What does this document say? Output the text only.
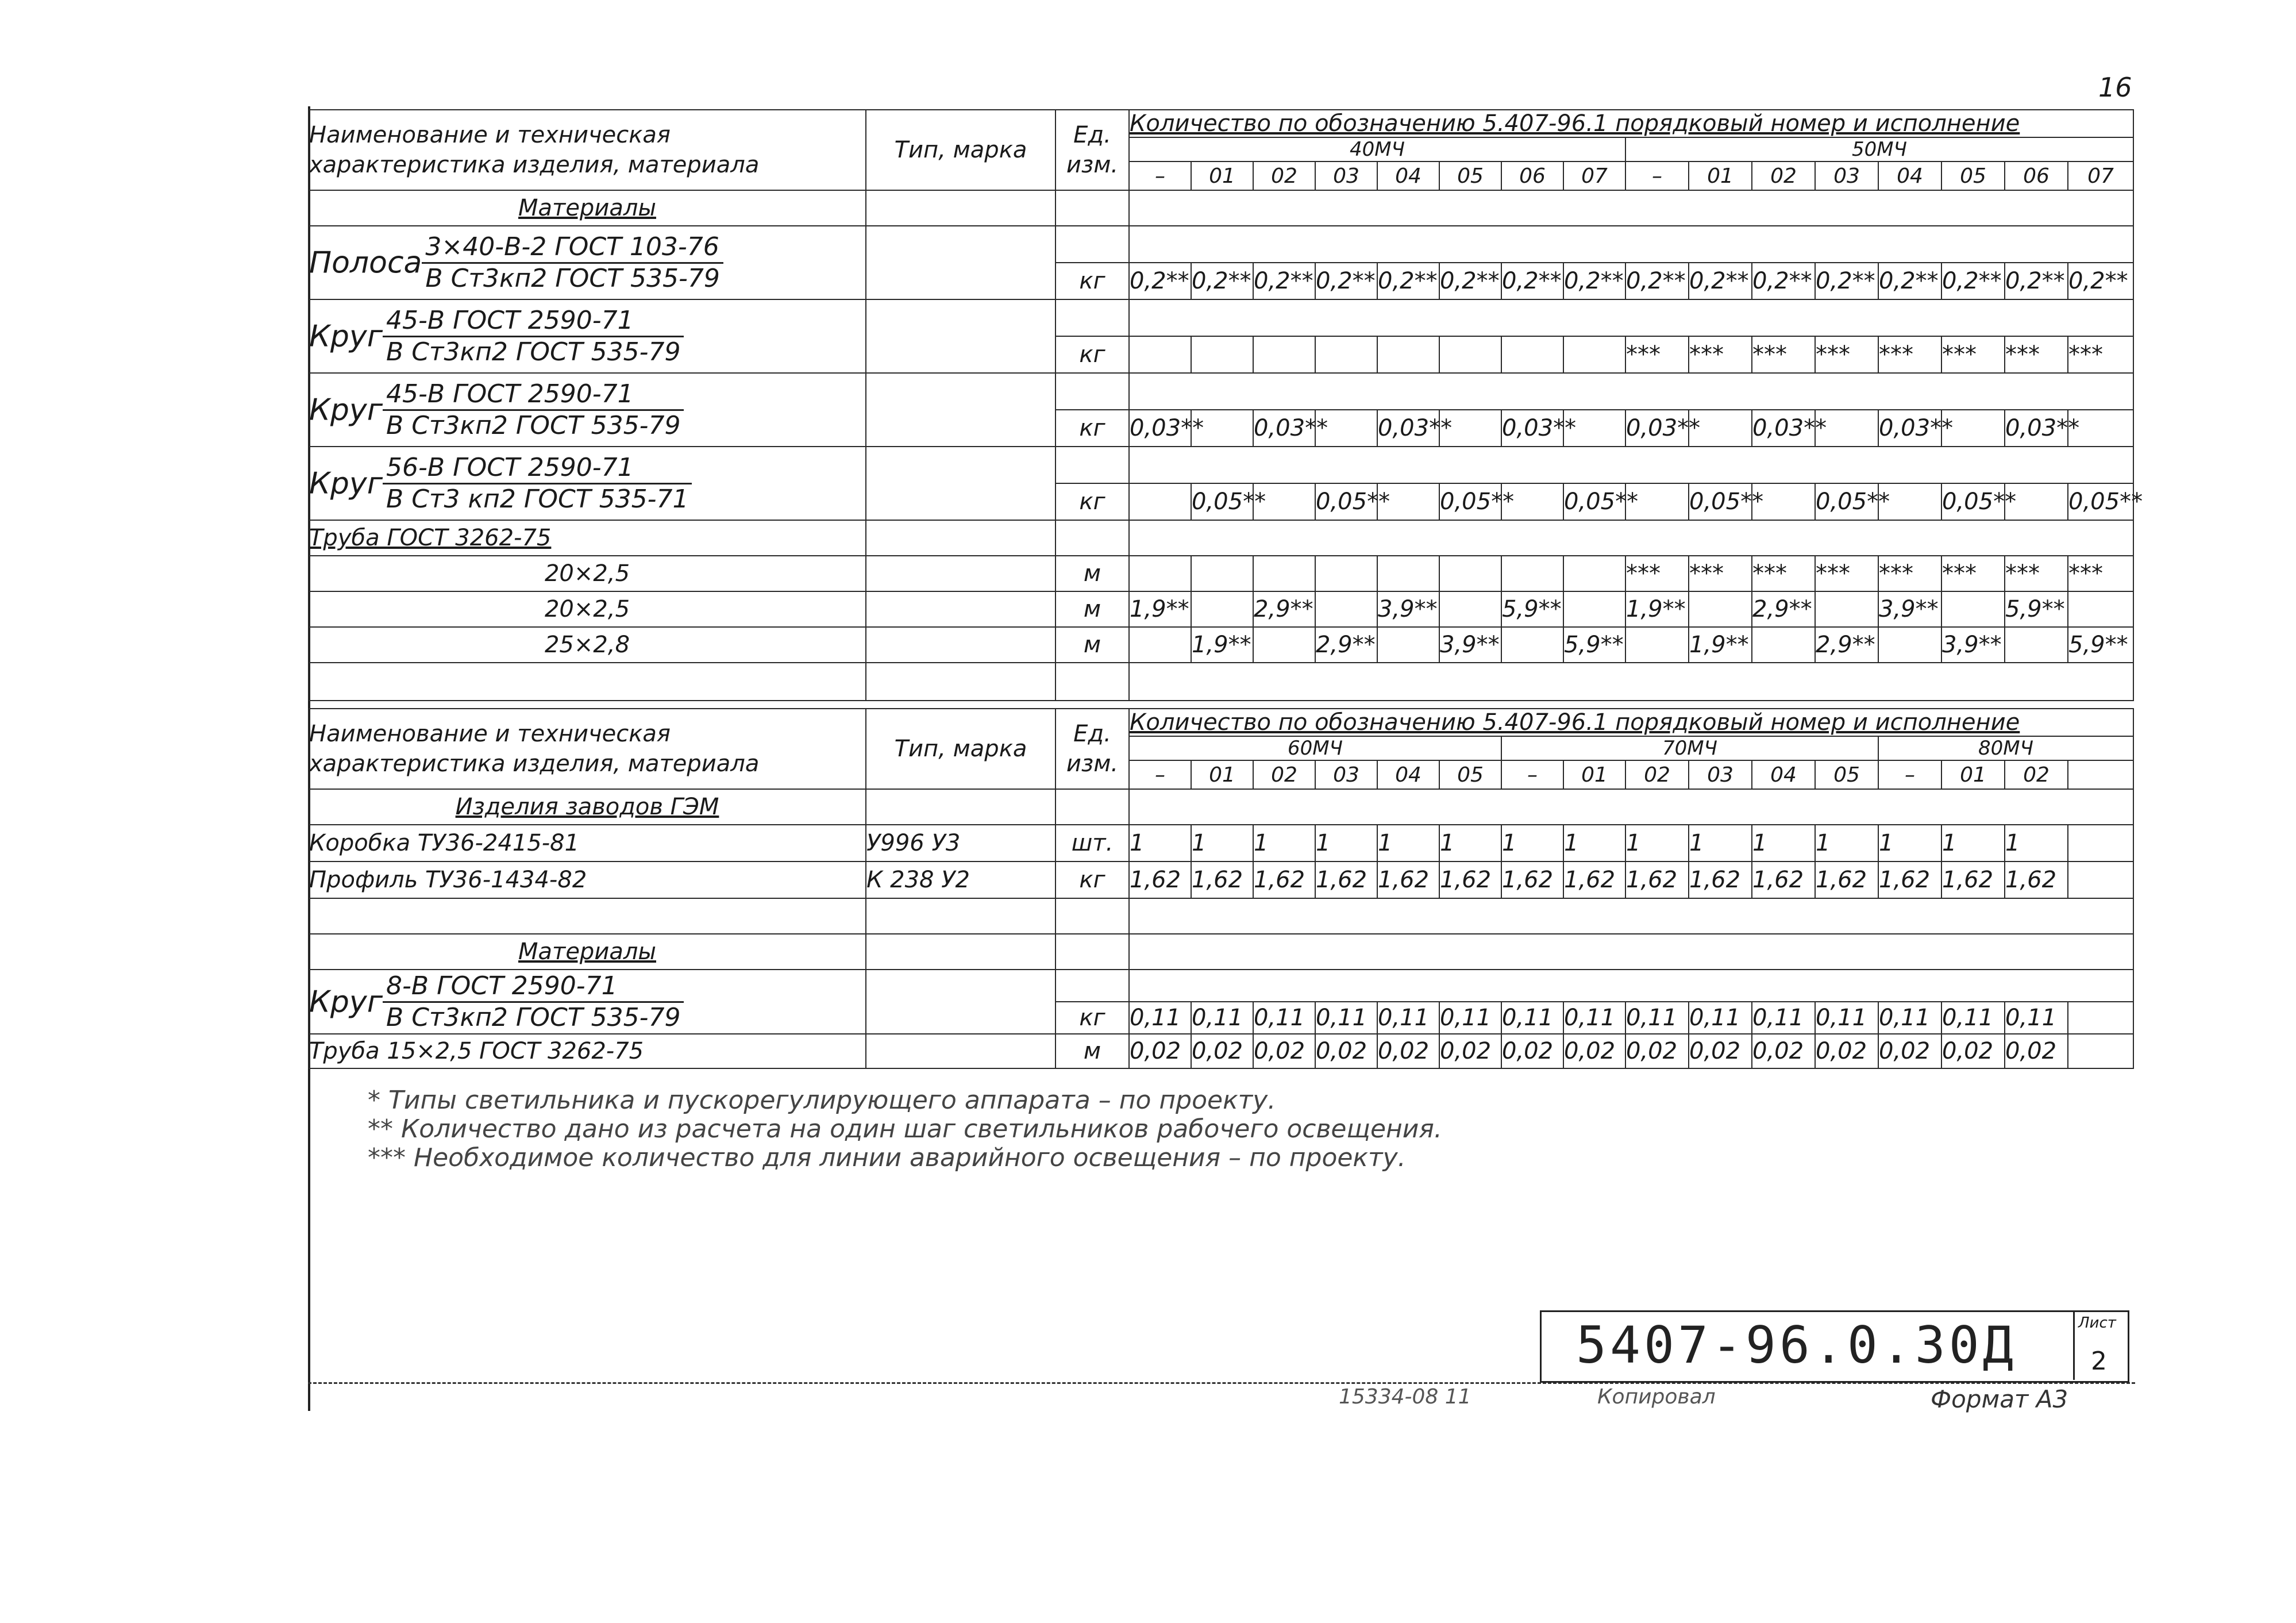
16
Наименование и техническая характеристика изделия, материала	Тип, марка	Ед. изм.	Количество по обозначению 5.407-96.1 порядковый номер и исполнение															
			40МЧ								50МЧ							
			–	01	02	03	04	05	06	07	–	01	02	03	04	05	06	07
Материалы																		
Полоса $\frac{\text{3×40-В-2 ГОСТ 103-76}}{\text{В Ст3кп2 ГОСТ 535-79}}$

		кг	0,2**	0,2**	0,2**	0,2**	0,2**	0,2**	0,2**	0,2**	0,2**	0,2**	0,2**	0,2**	0,2**	0,2**	0,2**	0,2**
Круг $\frac{\text{45-В ГОСТ 2590-71}}{\text{В Ст3кп2 ГОСТ 535-79}}$

		кг									***	***	***	***	***	***	***	***
Круг $\frac{\text{45-В ГОСТ 2590-71}}{\text{В Ст3кп2 ГОСТ 535-79}}$

		кг	0,03**		0,03**		0,03**		0,03**		0,03**		0,03**		0,03**		0,03**	
Круг $\frac{\text{56-В ГОСТ 2590-71}}{\text{В Ст3 кп2 ГОСТ 535-71}}$

		кг		0,05**		0,05**		0,05**		0,05**		0,05**		0,05**		0,05**		0,05**
Труба ГОСТ 3262-75																		
20×2,5		м									***	***	***	***	***	***	***	***
20×2,5		м	1,9**		2,9**		3,9**		5,9**		1,9**		2,9**		3,9**		5,9**	
25×2,8		м		1,9**		2,9**		3,9**		5,9**		1,9**		2,9**		3,9**		5,9**

Наименование и техническая характеристика изделия, материала	Тип, марка	Ед. изм.	Количество по обозначению 5.407-96.1 порядковый номер и исполнение															
			60МЧ						70МЧ						80МЧ			
			–	01	02	03	04	05	–	01	02	03	04	05	–	01	02	
Изделия заводов ГЭМ																		
Коробка ТУ36-2415-81	У996 У3	шт.	1	1	1	1	1	1	1	1	1	1	1	1	1	1	1	
Профиль ТУ36-1434-82	К 238 У2	кг	1,62	1,62	1,62	1,62	1,62	1,62	1,62	1,62	1,62	1,62	1,62	1,62	1,62	1,62	1,62	

Материалы																		
Круг $\frac{\text{8-В ГОСТ 2590-71}}{\text{В Ст3кп2 ГОСТ 535-79}}$

		кг	0,11	0,11	0,11	0,11	0,11	0,11	0,11	0,11	0,11	0,11	0,11	0,11	0,11	0,11	0,11	
Труба 15×2,5 ГОСТ 3262-75		м	0,02	0,02	0,02	0,02	0,02	0,02	0,02	0,02	0,02	0,02	0,02	0,02	0,02	0,02	0,02	
* Типы светильника и пускорегулирующего аппарата – по проекту.
** Количество дано из расчета на один шаг светильников рабочего освещения.
*** Необходимое количество для линии аварийного освещения – по проекту.
5407-96.0.30Д	Лист
2
15334-08 11	Копировал	Формат А3
